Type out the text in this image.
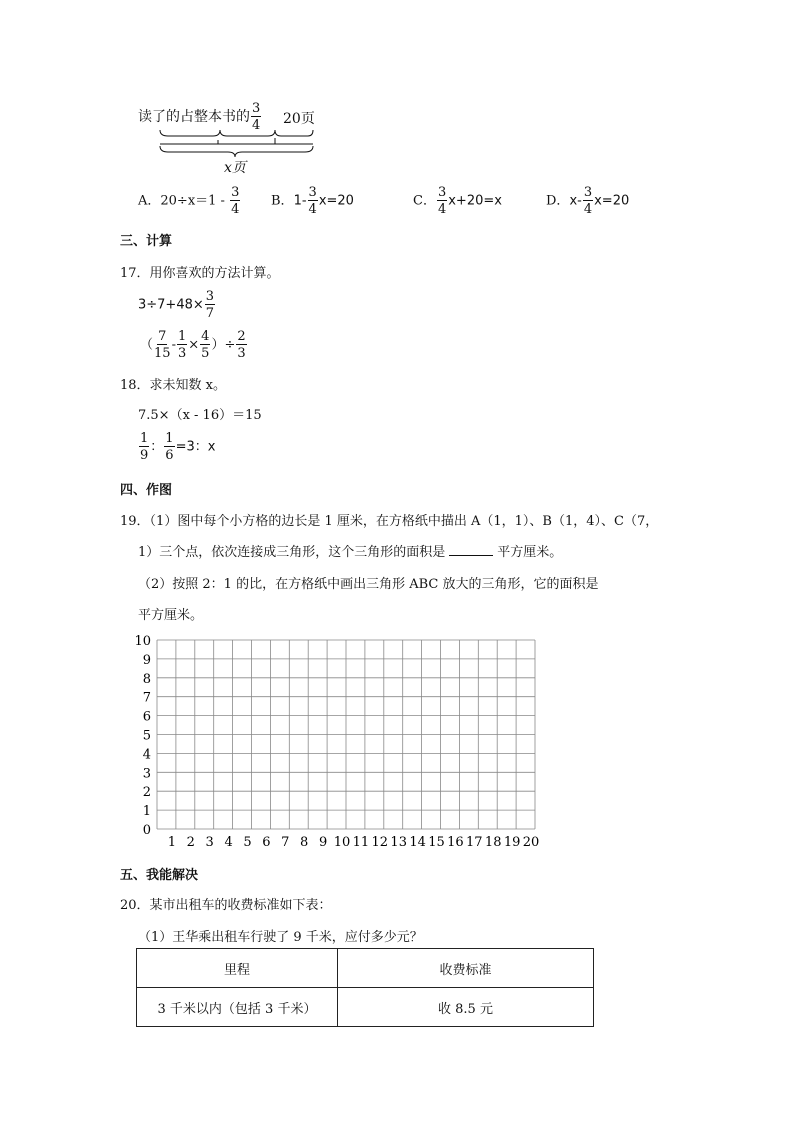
读了的占整本书的 $\frac{3}{4} 20$页
x页
A．$20\div x=1 - \frac{3}{4}$ B．$1- \frac{3}{4} x=20$	C． $\frac{3}{4} x+20=x$	D．$x- \frac{3}{4} x=20$
三、计算
17．用你喜欢的方法计算。
$3\div 7+48\times \frac{3}{7}$
（ $\frac{7}{15} - \frac{1}{3} \times \frac{4}{5}$ ）÷ $\frac{2}{3}$
18．求未知数 x。
7.5×（x - 16）＝15
$\frac{1}{9}$ ： $\frac{1}{6} =3$：x
四、作图
19．（1）图中每个小方格的边长是 1 厘米，在方格纸中描出 A（1，1）、B（1，4）、C（7，
1）三个点，依次连接成三角形，这个三角形的面积是	平方厘米。
（2）按照 2：1 的比，在方格纸中画出三角形 ABC 放大的三角形，它的面积是
平方厘米。
10
9
8
7
6
5
4
3
2
1
0
1 2 3 4 5 6 7 8 9 10 11 12 13 14 15 16 17 18 19 20
五、我能解决
20．某市出租车的收费标准如下表：
（1）王华乘出租车行驶了 9 千米，应付多少元？
里程	收费标准
3 千米以内（包括 3 千米）	收 8.5 元
